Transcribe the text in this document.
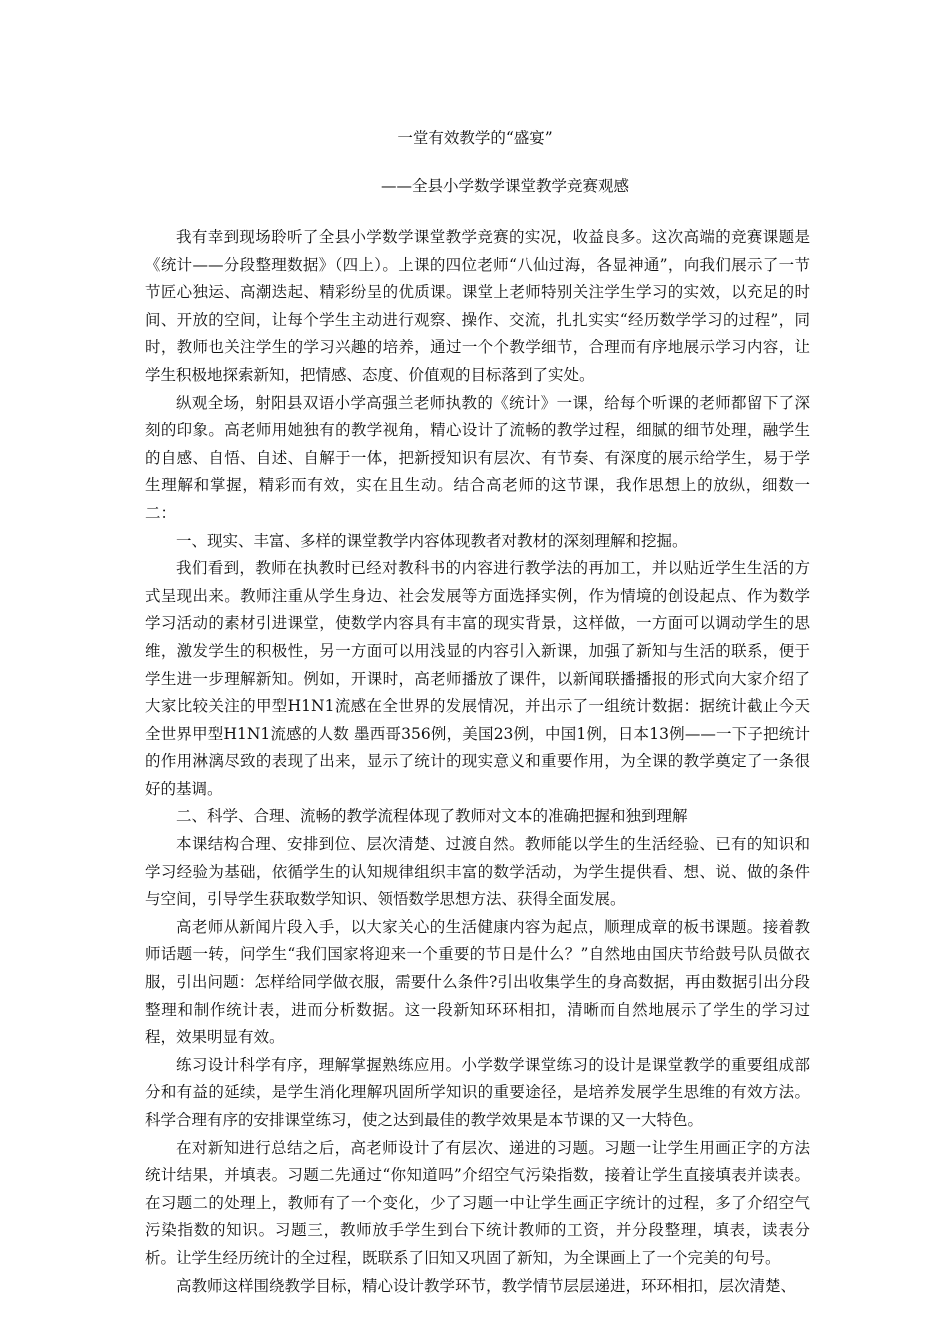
一堂有效教学的“盛宴”
——全县小学数学课堂教学竞赛观感

我有幸到现场聆听了全县小学数学课堂教学竞赛的实况，收益良多。这次高端的竞赛课题是《统计——分段整理数据》（四上）。上课的四位老师“八仙过海，各显神通”，向我们展示了一节节匠心独运、高潮迭起、精彩纷呈的优质课。课堂上老师特别关注学生学习的实效，以充足的时间、开放的空间，让每个学生主动进行观察、操作、交流，扎扎实实“经历数学学习的过程”，同时，教师也关注学生的学习兴趣的培养，通过一个个教学细节，合理而有序地展示学习内容，让学生积极地探索新知，把情感、态度、价值观的目标落到了实处。

纵观全场，射阳县双语小学高强兰老师执教的《统计》一课，给每个听课的老师都留下了深刻的印象。高老师用她独有的教学视角，精心设计了流畅的教学过程，细腻的细节处理，融学生的自感、自悟、自述、自解于一体，把新授知识有层次、有节奏、有深度的展示给学生，易于学生理解和掌握，精彩而有效，实在且生动。结合高老师的这节课，我作思想上的放纵，细数一二：

一、现实、丰富、多样的课堂教学内容体现教者对教材的深刻理解和挖掘。

我们看到，教师在执教时已经对教科书的内容进行教学法的再加工，并以贴近学生生活的方式呈现出来。教师注重从学生身边、社会发展等方面选择实例，作为情境的创设起点、作为数学学习活动的素材引进课堂，使数学内容具有丰富的现实背景，这样做，一方面可以调动学生的思维，激发学生的积极性，另一方面可以用浅显的内容引入新课，加强了新知与生活的联系，便于学生进一步理解新知。例如，开课时，高老师播放了课件，以新闻联播播报的形式向大家介绍了大家比较关注的甲型H1N1流感在全世界的发展情况，并出示了一组统计数据：据统计截止今天全世界甲型H1N1流感的人数 墨西哥356例，美国23例，中国1例，日本13例——一下子把统计的作用淋漓尽致的表现了出来，显示了统计的现实意义和重要作用，为全课的教学奠定了一条很好的基调。

二、科学、合理、流畅的教学流程体现了教师对文本的准确把握和独到理解

本课结构合理、安排到位、层次清楚、过渡自然。教师能以学生的生活经验、已有的知识和学习经验为基础，依循学生的认知规律组织丰富的数学活动，为学生提供看、想、说、做的条件与空间，引导学生获取数学知识、领悟数学思想方法、获得全面发展。

高老师从新闻片段入手，以大家关心的生活健康内容为起点，顺理成章的板书课题。接着教师话题一转，问学生“我们国家将迎来一个重要的节日是什么？”自然地由国庆节给鼓号队员做衣服，引出问题：怎样给同学做衣服，需要什么条件?引出收集学生的身高数据，再由数据引出分段整理和制作统计表，进而分析数据。这一段新知环环相扣，清晰而自然地展示了学生的学习过程，效果明显有效。

练习设计科学有序，理解掌握熟练应用。小学数学课堂练习的设计是课堂教学的重要组成部分和有益的延续，是学生消化理解巩固所学知识的重要途径，是培养发展学生思维的有效方法。科学合理有序的安排课堂练习，使之达到最佳的教学效果是本节课的又一大特色。

在对新知进行总结之后，高老师设计了有层次、递进的习题。习题一让学生用画正字的方法统计结果，并填表。习题二先通过“你知道吗”介绍空气污染指数，接着让学生直接填表并读表。在习题二的处理上，教师有了一个变化，少了习题一中让学生画正字统计的过程，多了介绍空气污染指数的知识。习题三，教师放手学生到台下统计教师的工资，并分段整理，填表，读表分析。让学生经历统计的全过程，既联系了旧知又巩固了新知，为全课画上了一个完美的句号。

高教师这样围绕教学目标，精心设计教学环节，教学情节层层递进，环环相扣，层次清楚、
